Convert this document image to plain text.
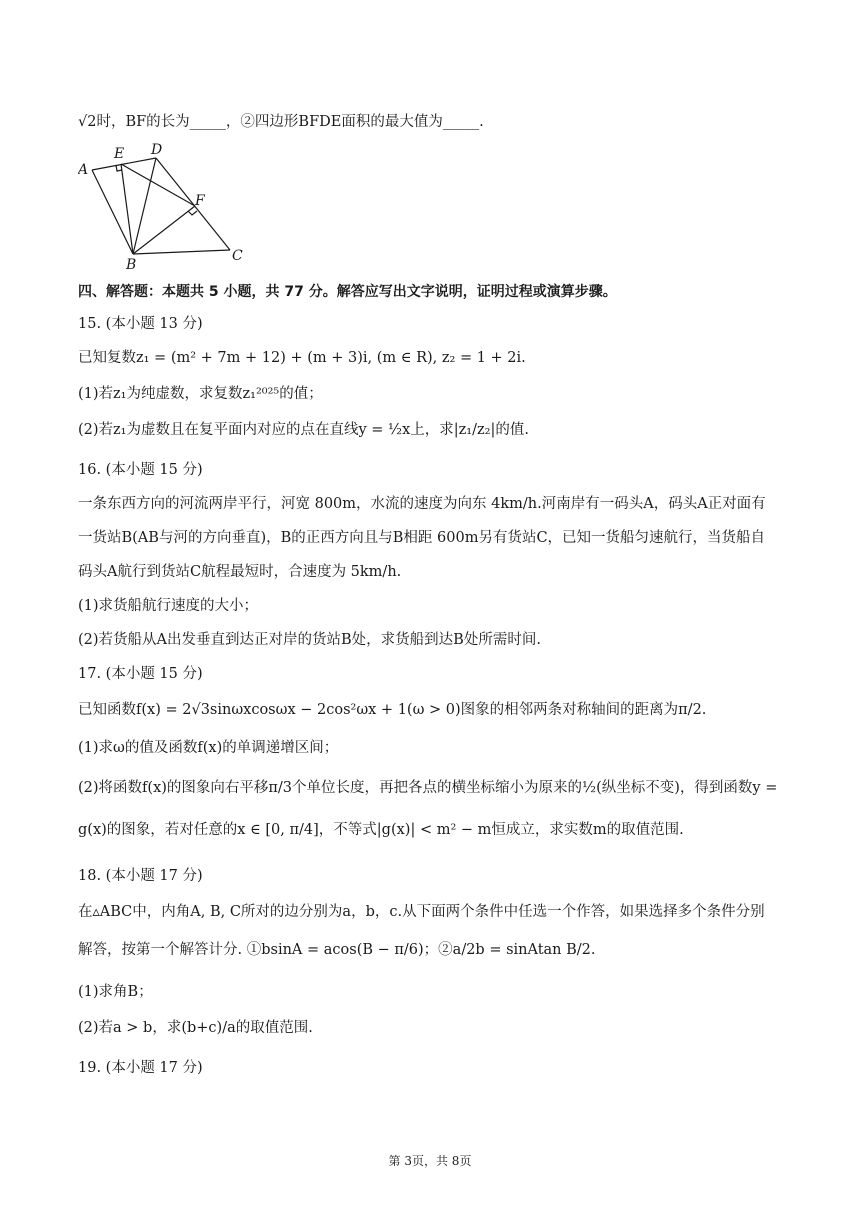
√2时，BF的长为_____，②四边形BFDE面积的最大值为_____.
A
E D
F
B
C
四、解答题：本题共 5 小题，共 77 分。解答应写出文字说明，证明过程或演算步骤。
15. (本小题 13 分)
已知复数z₁ = (m² + 7m + 12) + (m + 3)i, (m ∈ R), z₂ = 1 + 2i.
(1)若z₁为纯虚数，求复数z₁²⁰²⁵的值；
(2)若z₁为虚数且在复平面内对应的点在直线y = ½x上，求|z₁/z₂|的值.
16. (本小题 15 分)
一条东西方向的河流两岸平行，河宽 800m，水流的速度为向东 4km/h.河南岸有一码头A，码头A正对面有
一货站B(AB与河的方向垂直)，B的正西方向且与B相距 600m另有货站C，已知一货船匀速航行，当货船自
码头A航行到货站C航程最短时，合速度为 5km/h.
(1)求货船航行速度的大小；
(2)若货船从A出发垂直到达正对岸的货站B处，求货船到达B处所需时间.
17. (本小题 15 分)
已知函数f(x) = 2√3sinωxcosωx − 2cos²ωx + 1(ω > 0)图象的相邻两条对称轴间的距离为π/2.
(1)求ω的值及函数f(x)的单调递增区间；
(2)将函数f(x)的图象向右平移π/3个单位长度，再把各点的横坐标缩小为原来的½(纵坐标不变)，得到函数y =
g(x)的图象，若对任意的x ∈ [0, π/4]，不等式|g(x)| < m² − m恒成立，求实数m的取值范围.
18. (本小题 17 分)
在▵ABC中，内角A, B, C所对的边分别为a，b，c.从下面两个条件中任选一个作答，如果选择多个条件分别
解答，按第一个解答计分. ①bsinA = acos(B − π/6)；②a/2b = sinAtan B/2.
(1)求角B；
(2)若a > b，求(b+c)/a的取值范围.
19. (本小题 17 分)
第 3页，共 8页
